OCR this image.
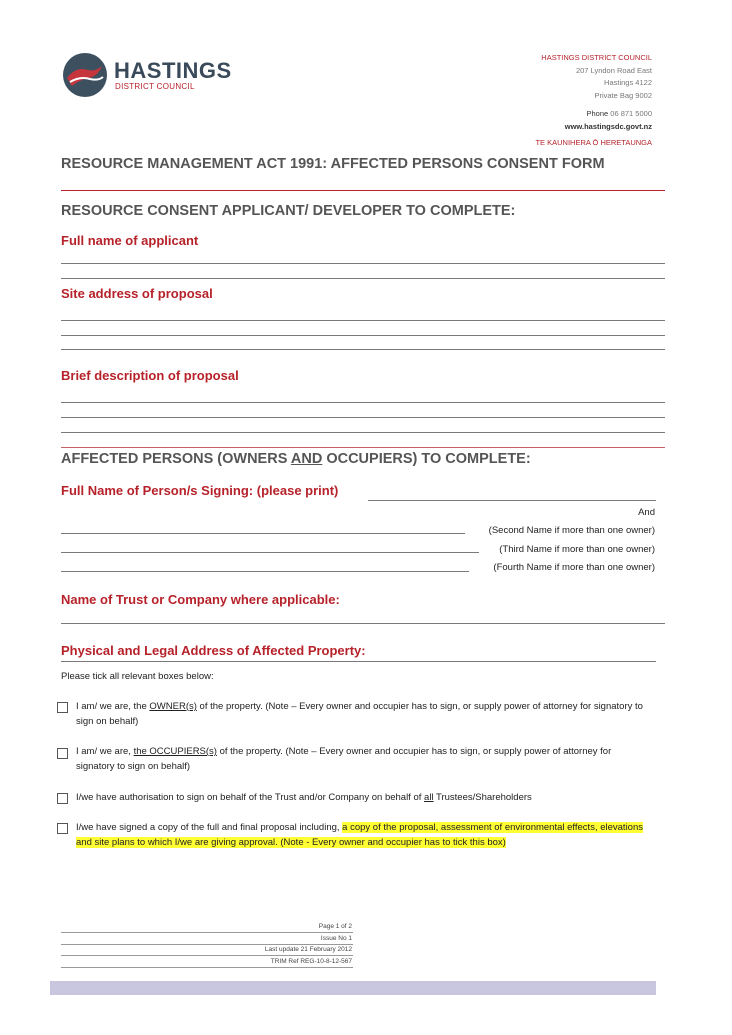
HASTINGS
DISTRICT COUNCIL
HASTINGS DISTRICT COUNCIL
207 Lyndon Road East
Hastings 4122
Private Bag 9002
Phone 06 871 5000
www.hastingsdc.govt.nz
TE KAUNIHERA Ō HERETAUNGA
RESOURCE MANAGEMENT ACT 1991: AFFECTED PERSONS CONSENT FORM
RESOURCE CONSENT APPLICANT/ DEVELOPER TO COMPLETE:
Full name of applicant
Site address of proposal
Brief description of proposal
AFFECTED PERSONS (OWNERS AND OCCUPIERS) TO COMPLETE:
Full Name of Person/s Signing: (please print)
And
(Second Name if more than one owner)
(Third Name if more than one owner)
(Fourth Name if more than one owner)
Name of Trust or Company where applicable:
Physical and Legal Address of Affected Property:
Please tick all relevant boxes below:
I am/ we are, the OWNER(s) of the property. (Note – Every owner and occupier has to sign, or supply power of attorney for signatory to sign on behalf)
I am/ we are, the OCCUPIERS(s) of the property. (Note – Every owner and occupier has to sign, or supply power of attorney for signatory to sign on behalf)
I/we have authorisation to sign on behalf of the Trust and/or Company on behalf of all Trustees/Shareholders
I/we have signed a copy of the full and final proposal including, a copy of the proposal, assessment of environmental effects, elevations and site plans to which I/we are giving approval. (Note - Every owner and occupier has to tick this box)
Page 1 of 2
Issue No 1
Last update 21 February 2012
TRIM Ref REG-10-8-12-567
